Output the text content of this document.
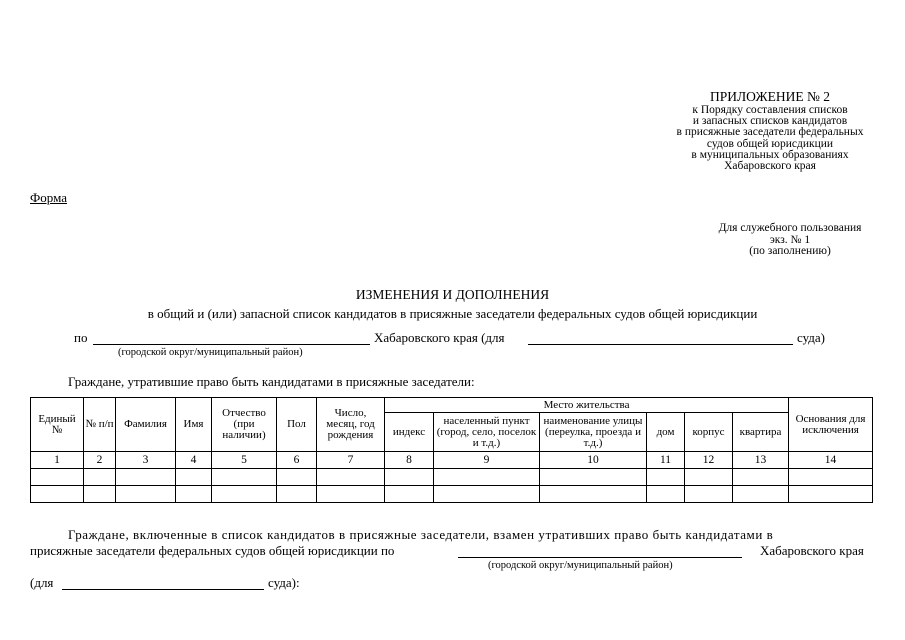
ПРИЛОЖЕНИЕ № 2
к Порядку составления списков
и запасных списков кандидатов
в присяжные заседатели федеральных
судов общей юрисдикции
в муниципальных образованиях
Хабаровского края
Форма
Для служебного пользования
экз. № 1
(по заполнению)
ИЗМЕНЕНИЯ И ДОПОЛНЕНИЯ
в общий и (или) запасной список кандидатов в присяжные заседатели федеральных судов общей юрисдикции
по	Хабаровского края (для	суда)
(городской округ/муниципальный район)
Граждане, утратившие право быть кандидатами в присяжные заседатели:
Единый №	№ п/п	Фамилия	Имя	Отчество (при наличии)	Пол	Число, месяц, год рождения	Место жительства						Основания для исключения
							индекс	населенный пункт (город, село, поселок и т.д.)	наименование улицы (переулка, проезда и т.д.)	дом	корпус	квартира	
1	2	3	4	5	6	7	8	9	10	11	12	13	14

Граждане, включенные в список кандидатов в присяжные заседатели, взамен утративших право быть кандидатами в
присяжные заседатели федеральных судов общей юрисдикции по	Хабаровского края
(городской округ/муниципальный район)
(для	суда):
